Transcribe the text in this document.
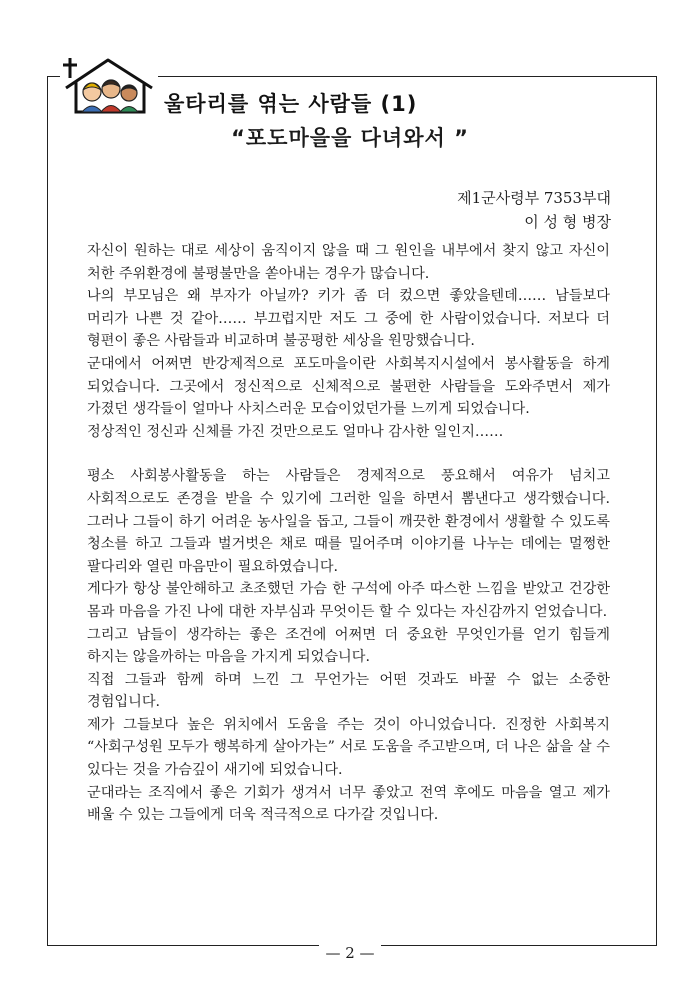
울타리를 엮는 사람들 (1)
“포도마을을 다녀와서 ”
제1군사령부 7353부대
이 성 형 병장

자신이 원하는 대로 세상이 움직이지 않을 때 그 원인을 내부에서 찾지 않고 자신이 처한 주위환경에 불평불만을 쏟아내는 경우가 많습니다.

나의 부모님은 왜 부자가 아닐까? 키가 좀 더 컸으면 좋았을텐데…… 남들보다 머리가 나쁜 것 같아…… 부끄럽지만 저도 그 중에 한 사람이었습니다. 저보다 더 형편이 좋은 사람들과 비교하며 불공평한 세상을 원망했습니다.

군대에서 어쩌면 반강제적으로 포도마을이란 사회복지시설에서 봉사활동을 하게 되었습니다. 그곳에서 정신적으로 신체적으로 불편한 사람들을 도와주면서 제가 가졌던 생각들이 얼마나 사치스러운 모습이었던가를 느끼게 되었습니다.

정상적인 정신과 신체를 가진 것만으로도 얼마나 감사한 일인지……

평소 사회봉사활동을 하는 사람들은 경제적으로 풍요해서 여유가 넘치고 사회적으로도 존경을 받을 수 있기에 그러한 일을 하면서 뽐낸다고 생각했습니다. 그러나 그들이 하기 어려운 농사일을 돕고, 그들이 깨끗한 환경에서 생활할 수 있도록 청소를 하고 그들과 벌거벗은 채로 때를 밀어주며 이야기를 나누는 데에는 멀쩡한 팔다리와 열린 마음만이 필요하였습니다.

게다가 항상 불안해하고 초조했던 가슴 한 구석에 아주 따스한 느낌을 받았고 건강한 몸과 마음을 가진 나에 대한 자부심과 무엇이든 할 수 있다는 자신감까지 얻었습니다.

그리고 남들이 생각하는 좋은 조건에 어쩌면 더 중요한 무엇인가를 얻기 힘들게 하지는 않을까하는 마음을 가지게 되었습니다.

직접 그들과 함께 하며 느낀 그 무언가는 어떤 것과도 바꿀 수 없는 소중한 경험입니다.

제가 그들보다 높은 위치에서 도움을 주는 것이 아니었습니다. 진정한 사회복지 “사회구성원 모두가 행복하게 살아가는” 서로 도움을 주고받으며, 더 나은 삶을 살 수 있다는 것을 가슴깊이 새기에 되었습니다.

군대라는 조직에서 좋은 기회가 생겨서 너무 좋았고 전역 후에도 마음을 열고 제가 배울 수 있는 그들에게 더욱 적극적으로 다가갈 것입니다.

— 2 —
